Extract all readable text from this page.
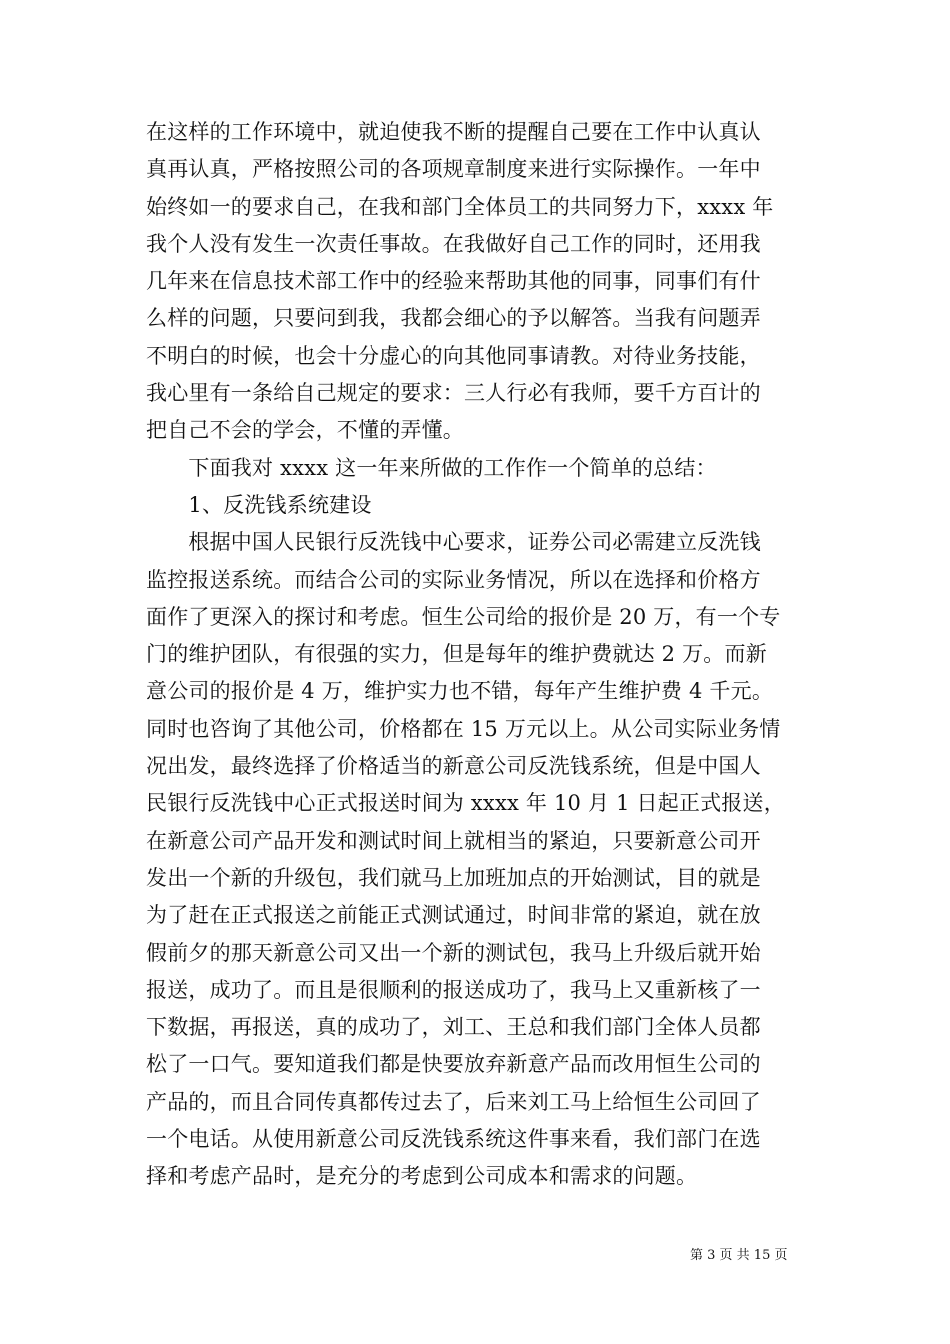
在这样的工作环境中，就迫使我不断的提醒自己要在工作中认真认
真再认真，严格按照公司的各项规章制度来进行实际操作。一年中
始终如一的要求自己，在我和部门全体员工的共同努力下，xxxx 年
我个人没有发生一次责任事故。在我做好自己工作的同时，还用我
几年来在信息技术部工作中的经验来帮助其他的同事，同事们有什
么样的问题，只要问到我，我都会细心的予以解答。当我有问题弄
不明白的时候，也会十分虚心的向其他同事请教。对待业务技能，
我心里有一条给自己规定的要求：三人行必有我师，要千方百计的
把自己不会的学会，不懂的弄懂。
　　下面我对 xxxx 这一年来所做的工作作一个简单的总结：
　　1、反洗钱系统建设
　　根据中国人民银行反洗钱中心要求，证券公司必需建立反洗钱
监控报送系统。而结合公司的实际业务情况，所以在选择和价格方
面作了更深入的探讨和考虑。恒生公司给的报价是 20 万，有一个专
门的维护团队，有很强的实力，但是每年的维护费就达 2 万。而新
意公司的报价是 4 万，维护实力也不错，每年产生维护费 4 千元。
同时也咨询了其他公司，价格都在 15 万元以上。从公司实际业务情
况出发，最终选择了价格适当的新意公司反洗钱系统，但是中国人
民银行反洗钱中心正式报送时间为 xxxx 年 10 月 1 日起正式报送，
在新意公司产品开发和测试时间上就相当的紧迫，只要新意公司开
发出一个新的升级包，我们就马上加班加点的开始测试，目的就是
为了赶在正式报送之前能正式测试通过，时间非常的紧迫，就在放
假前夕的那天新意公司又出一个新的测试包，我马上升级后就开始
报送，成功了。而且是很顺利的报送成功了，我马上又重新核了一
下数据，再报送，真的成功了，刘工、王总和我们部门全体人员都
松了一口气。要知道我们都是快要放弃新意产品而改用恒生公司的
产品的，而且合同传真都传过去了，后来刘工马上给恒生公司回了
一个电话。从使用新意公司反洗钱系统这件事来看，我们部门在选
择和考虑产品时，是充分的考虑到公司成本和需求的问题。
第 3 页 共 15 页
